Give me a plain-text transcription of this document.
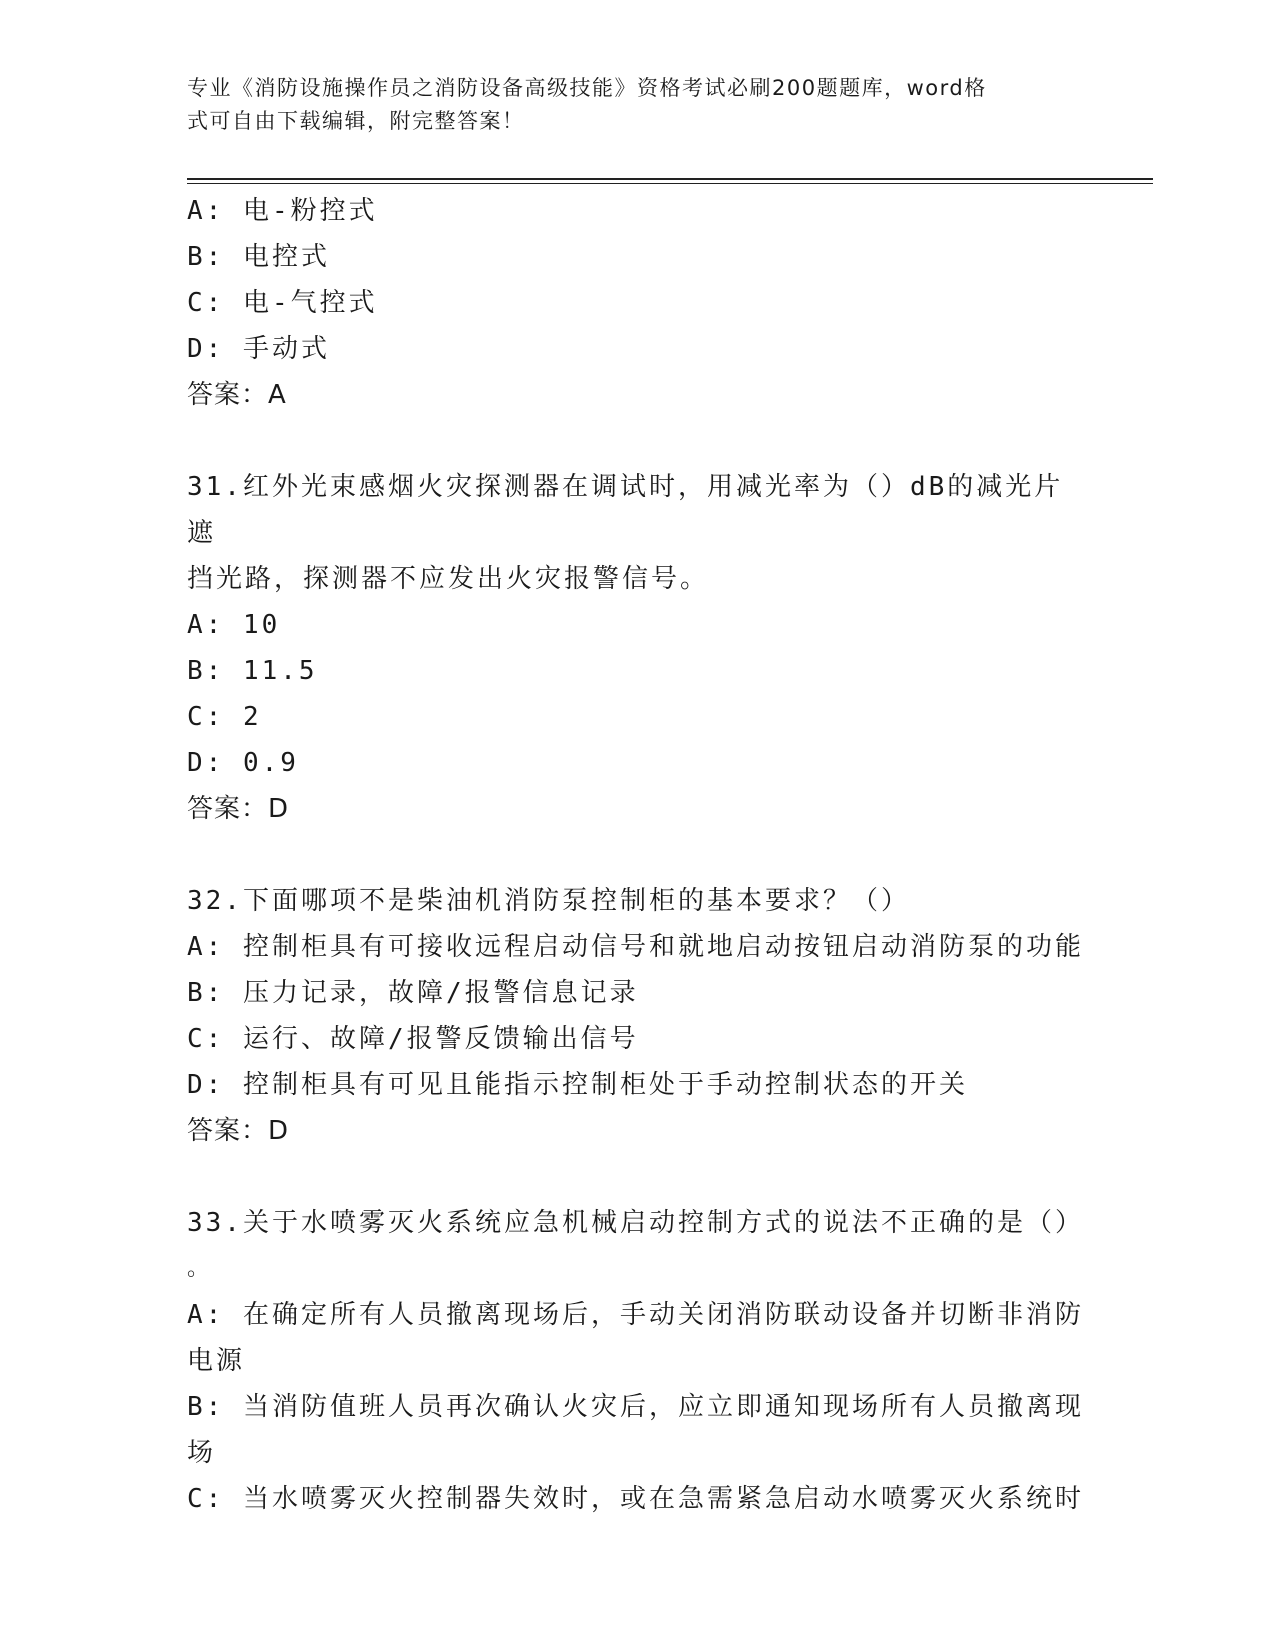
专业《消防设施操作员之消防设备高级技能》资格考试必刷200题题库，word格
式可自由下载编辑，附完整答案！
A: 电-粉控式
B: 电控式
C: 电-气控式
D: 手动式
答案：A
31.红外光束感烟火灾探测器在调试时，用减光率为（）dB的减光片遮
挡光路，探测器不应发出火灾报警信号。
A: 10
B: 11.5
C: 2
D: 0.9
答案：D
32.下面哪项不是柴油机消防泵控制柜的基本要求？（）
A: 控制柜具有可接收远程启动信号和就地启动按钮启动消防泵的功能
B: 压力记录，故障/报警信息记录
C: 运行、故障/报警反馈输出信号
D: 控制柜具有可见且能指示控制柜处于手动控制状态的开关
答案：D
33.关于水喷雾灭火系统应急机械启动控制方式的说法不正确的是（）
。
A: 在确定所有人员撤离现场后，手动关闭消防联动设备并切断非消防
电源
B: 当消防值班人员再次确认火灾后，应立即通知现场所有人员撤离现
场
C: 当水喷雾灭火控制器失效时，或在急需紧急启动水喷雾灭火系统时
